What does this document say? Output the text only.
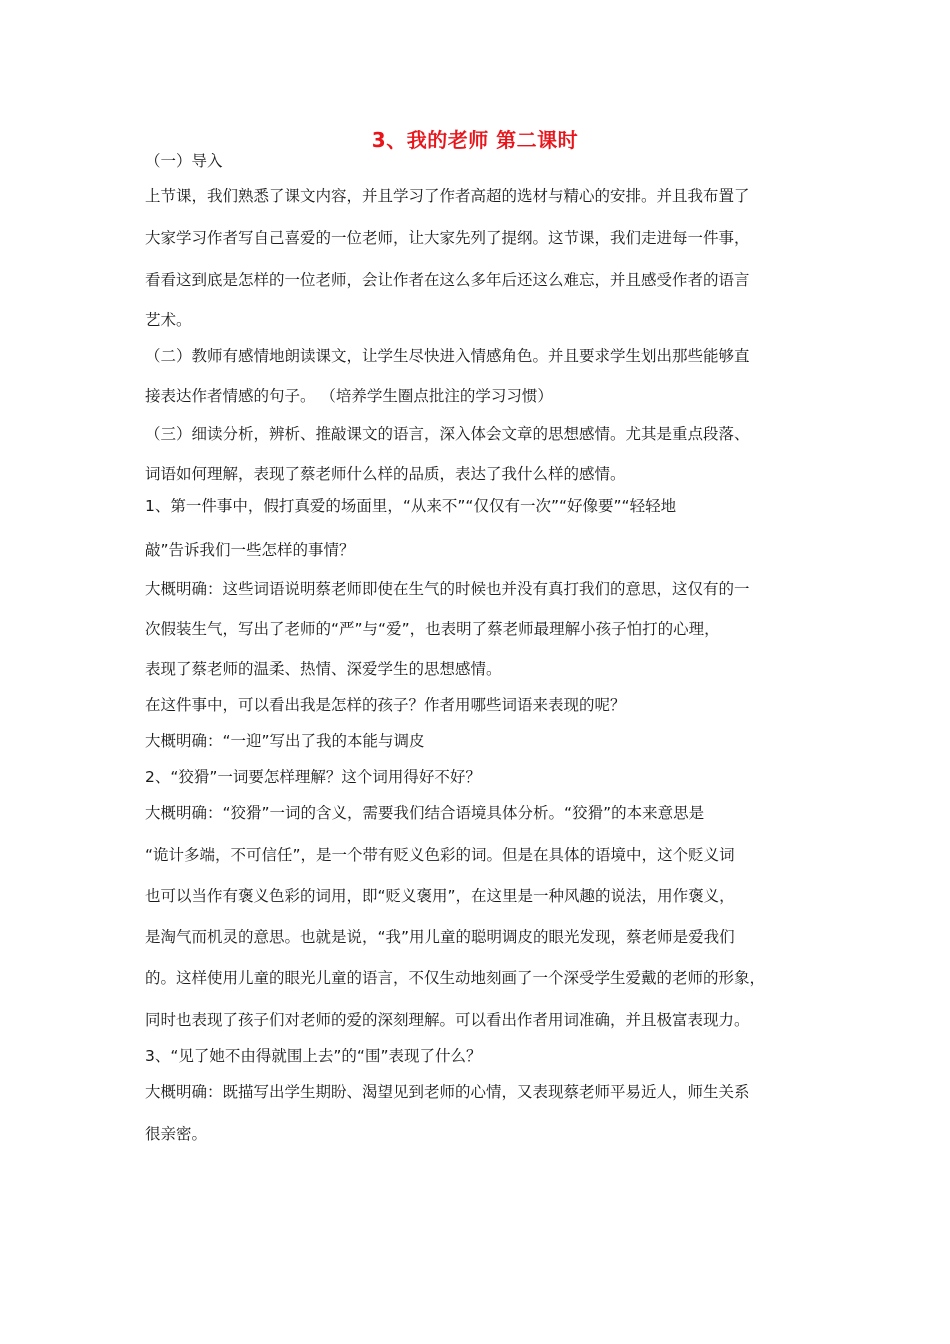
3、我的老师 第二课时

（一）导入

上节课，我们熟悉了课文内容，并且学习了作者高超的选材与精心的安排。并且我布置了

大家学习作者写自己喜爱的一位老师，让大家先列了提纲。这节课，我们走进每一件事，

看看这到底是怎样的一位老师，会让作者在这么多年后还这么难忘，并且感受作者的语言

艺术。

（二）教师有感情地朗读课文，让学生尽快进入情感角色。并且要求学生划出那些能够直

接表达作者情感的句子。 （培养学生圈点批注的学习习惯）

（三）细读分析，辨析、推敲课文的语言，深入体会文章的思想感情。尤其是重点段落、

词语如何理解，表现了蔡老师什么样的品质，表达了我什么样的感情。

1、第一件事中，假打真爱的场面里，“从来不”“仅仅有一次”“好像要”“轻轻地

敲”告诉我们一些怎样的事情？

大概明确：这些词语说明蔡老师即使在生气的时候也并没有真打我们的意思，这仅有的一

次假装生气，写出了老师的“严”与“爱”，也表明了蔡老师最理解小孩子怕打的心理，

表现了蔡老师的温柔、热情、深爱学生的思想感情。

在这件事中，可以看出我是怎样的孩子？作者用哪些词语来表现的呢？

大概明确：“一迎”写出了我的本能与调皮

2、“狡猾”一词要怎样理解？这个词用得好不好？

大概明确：“狡猾”一词的含义，需要我们结合语境具体分析。“狡猾”的本来意思是

“诡计多端，不可信任”，是一个带有贬义色彩的词。但是在具体的语境中，这个贬义词

也可以当作有褒义色彩的词用，即“贬义褒用”，在这里是一种风趣的说法，用作褒义，

是淘气而机灵的意思。也就是说，“我”用儿童的聪明调皮的眼光发现，蔡老师是爱我们

的。这样使用儿童的眼光儿童的语言，不仅生动地刻画了一个深受学生爱戴的老师的形象，

同时也表现了孩子们对老师的爱的深刻理解。可以看出作者用词准确，并且极富表现力。

3、“见了她不由得就围上去”的“围”表现了什么？

大概明确：既描写出学生期盼、渴望见到老师的心情，又表现蔡老师平易近人，师生关系

很亲密。
